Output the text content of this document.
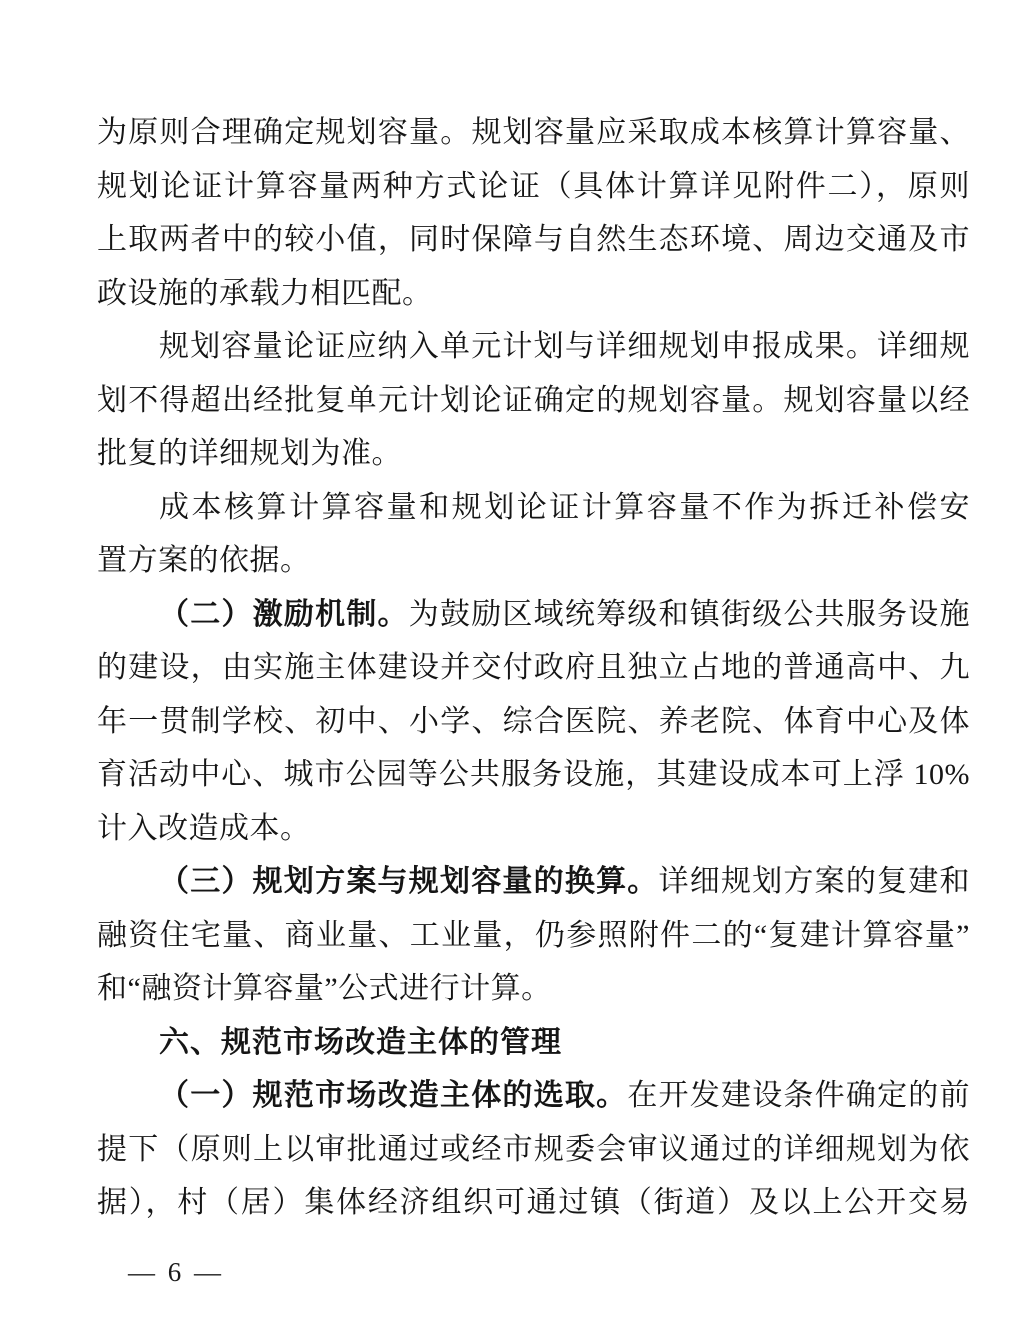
为原则合理确定规划容量。规划容量应采取成本核算计算容量、
规划论证计算容量两种方式论证（具体计算详见附件二），原则
上取两者中的较小值，同时保障与自然生态环境、周边交通及市
政设施的承载力相匹配。
规划容量论证应纳入单元计划与详细规划申报成果。详细规
划不得超出经批复单元计划论证确定的规划容量。规划容量以经
批复的详细规划为准。
成本核算计算容量和规划论证计算容量不作为拆迁补偿安
置方案的依据。
（二）激励机制。为鼓励区域统筹级和镇街级公共服务设施
的建设，由实施主体建设并交付政府且独立占地的普通高中、九
年一贯制学校、初中、小学、综合医院、养老院、体育中心及体
育活动中心、城市公园等公共服务设施，其建设成本可上浮 10%
计入改造成本。
（三）规划方案与规划容量的换算。详细规划方案的复建和
融资住宅量、商业量、工业量，仍参照附件二的“复建计算容量”
和“融资计算容量”公式进行计算。
六、规范市场改造主体的管理
（一）规范市场改造主体的选取。在开发建设条件确定的前
提下（原则上以审批通过或经市规委会审议通过的详细规划为依
据），村（居）集体经济组织可通过镇（街道）及以上公开交易
— 6 —
